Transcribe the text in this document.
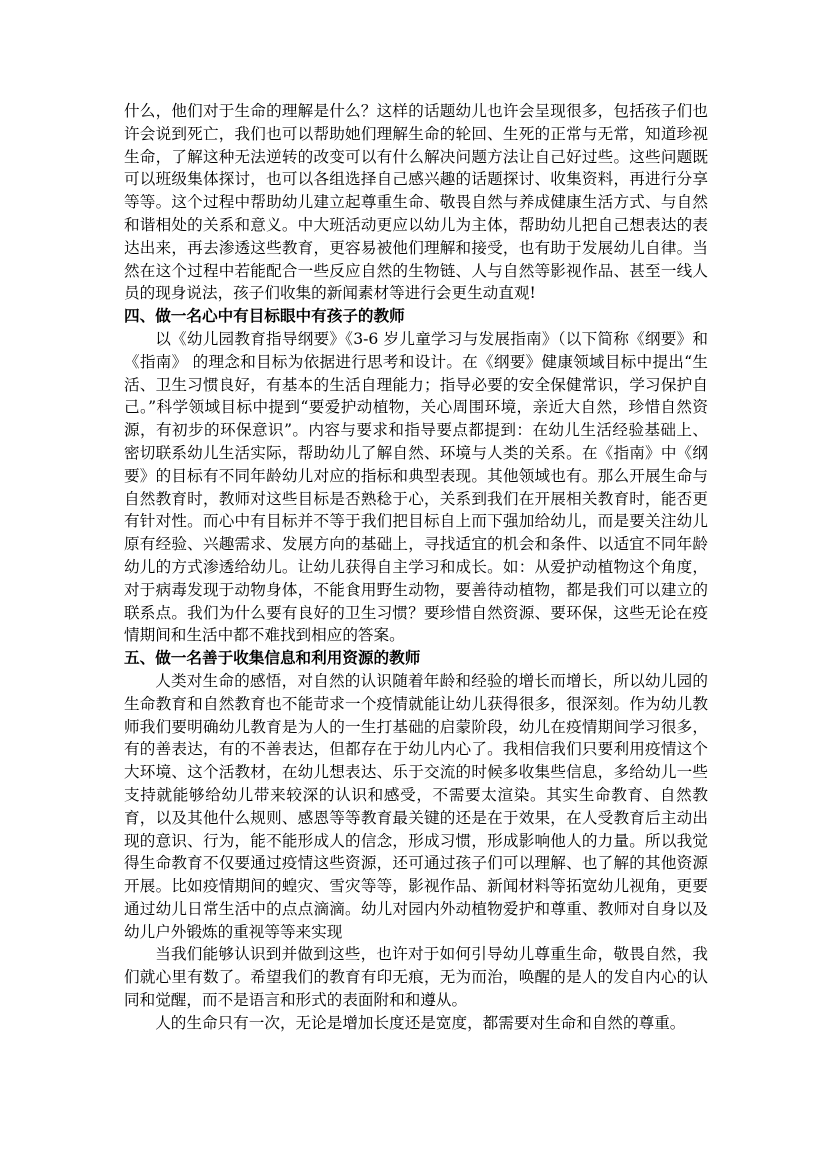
什么，他们对于生命的理解是什么？这样的话题幼儿也许会呈现很多，包括孩子们也许会说到死亡，我们也可以帮助她们理解生命的轮回、生死的正常与无常，知道珍视生命，了解这种无法逆转的改变可以有什么解决问题方法让自己好过些。这些问题既可以班级集体探讨，也可以各组选择自己感兴趣的话题探讨、收集资料，再进行分享等等。这个过程中帮助幼儿建立起尊重生命、敬畏自然与养成健康生活方式、与自然和谐相处的关系和意义。中大班活动更应以幼儿为主体，帮助幼儿把自己想表达的表达出来，再去渗透这些教育，更容易被他们理解和接受，也有助于发展幼儿自律。当然在这个过程中若能配合一些反应自然的生物链、人与自然等影视作品、甚至一线人员的现身说法，孩子们收集的新闻素材等进行会更生动直观!

四、做一名心中有目标眼中有孩子的教师

以《幼儿园教育指导纲要》《3-6 岁儿童学习与发展指南》（以下简称《纲要》和《指南》 的理念和目标为依据进行思考和设计。在《纲要》健康领域目标中提出“生活、卫生习惯良好，有基本的生活自理能力；指导必要的安全保健常识，学习保护自己。”科学领域目标中提到“要爱护动植物，关心周围环境，亲近大自然，珍惜自然资源，有初步的环保意识”。内容与要求和指导要点都提到：在幼儿生活经验基础上、密切联系幼儿生活实际，帮助幼儿了解自然、环境与人类的关系。在《指南》中《纲要》的目标有不同年龄幼儿对应的指标和典型表现。其他领域也有。那么开展生命与自然教育时，教师对这些目标是否熟稔于心，关系到我们在开展相关教育时，能否更有针对性。而心中有目标并不等于我们把目标自上而下强加给幼儿，而是要关注幼儿原有经验、兴趣需求、发展方向的基础上，寻找适宜的机会和条件、以适宜不同年龄幼儿的方式渗透给幼儿。让幼儿获得自主学习和成长。如：从爱护动植物这个角度，对于病毒发现于动物身体，不能食用野生动物，要善待动植物，都是我们可以建立的联系点。我们为什么要有良好的卫生习惯？要珍惜自然资源、要环保，这些无论在疫情期间和生活中都不难找到相应的答案。

五、做一名善于收集信息和利用资源的教师

人类对生命的感悟，对自然的认识随着年龄和经验的增长而增长，所以幼儿园的生命教育和自然教育也不能苛求一个疫情就能让幼儿获得很多，很深刻。作为幼儿教师我们要明确幼儿教育是为人的一生打基础的启蒙阶段，幼儿在疫情期间学习很多，有的善表达，有的不善表达，但都存在于幼儿内心了。我相信我们只要利用疫情这个大环境、这个活教材，在幼儿想表达、乐于交流的时候多收集些信息，多给幼儿一些支持就能够给幼儿带来较深的认识和感受，不需要太渲染。其实生命教育、自然教育，以及其他什么规则、感恩等等教育最关键的还是在于效果，在人受教育后主动出现的意识、行为，能不能形成人的信念，形成习惯，形成影响他人的力量。所以我觉得生命教育不仅要通过疫情这些资源，还可通过孩子们可以理解、也了解的其他资源开展。比如疫情期间的蝗灾、雪灾等等，影视作品、新闻材料等拓宽幼儿视角，更要通过幼儿日常生活中的点点滴滴。幼儿对园内外动植物爱护和尊重、教师对自身以及幼儿户外锻炼的重视等等来实现

当我们能够认识到并做到这些，也许对于如何引导幼儿尊重生命，敬畏自然，我们就心里有数了。希望我们的教育有印无痕，无为而治，唤醒的是人的发自内心的认同和觉醒，而不是语言和形式的表面附和和遵从。

人的生命只有一次，无论是增加长度还是宽度，都需要对生命和自然的尊重。
